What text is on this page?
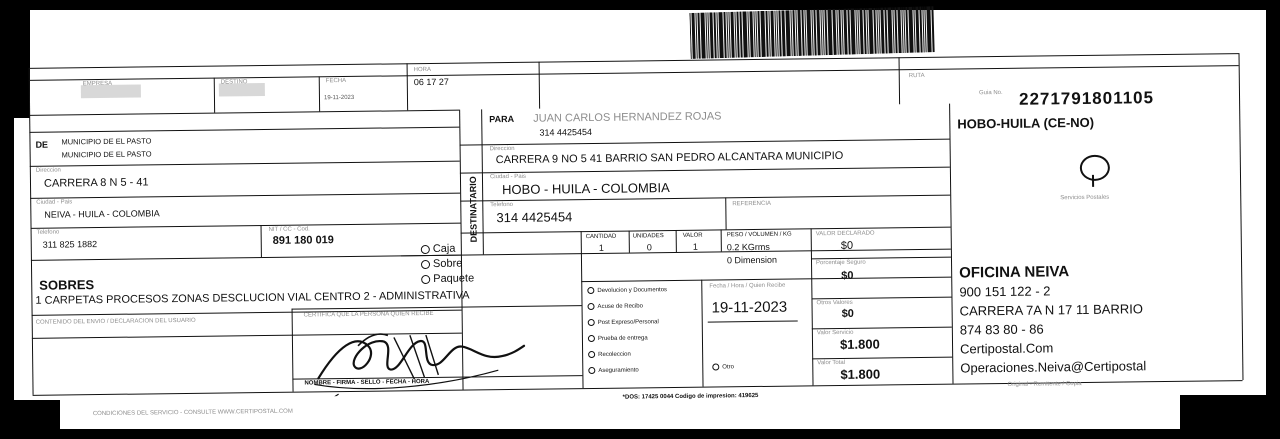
EMPRESA	DESTINO	FECHA
19-11-2023
HORA
06 17 27
RUTA
DE MUNICIPIO DE EL PASTO
MUNICIPIO DE EL PASTO
Direccion
CARRERA 8 N 5 - 41
Ciudad - Pais
NEIVA - HUILA - COLOMBIA
Telefono
311 825 1882
NIT / CC - Cod.
891 180 019	DESTINATARIO
PARA JUAN CARLOS HERNANDEZ ROJAS
314 4425454
Direccion
CARRERA 9 NO 5 41 BARRIO SAN PEDRO ALCANTARA MUNICIPIO
Ciudad - Pais
HOBO - HUILA - COLOMBIA
Telefono
314 4425454
REFERENCIA
CANTIDAD	UNIDADES	VALOR	PESO / VOLUMEN / KG
1	0	1	0.2 KGrms
0 Dimension
Caja
Sobre
Paquete
SOBRES
1 CARPETAS PROCESOS ZONAS DESCLUCION VIAL CENTRO 2 - ADMINISTRATIVA
CONTENIDO DEL ENVIO / DECLARACION DEL USUARIO
Devolucion y Documentos
Acuse de Recibo
Post Expreso/Personal
Prueba de entrega
Recoleccion
Aseguramiento
Fecha / Hora / Quien Recibe
19-11-2023
Otro
VALOR DECLARADO
$0
Porcentaje Seguro
$0
Otros Valores
$0
Valor Servicio
$1.800
Valor Total
$1.800
CERTIFICA QUE LA PERSONA QUIEN RECIBE
NOMBRE - FIRMA - SELLO - FECHA - HORA
*DOS: 17425 0044 Codigo de impresion: 419625
CONDICIONES DEL SERVICIO - CONSULTE WWW.CERTIPOSTAL.COM
Guia No. 2271791801105
HOBO-HUILA (CE-NO)
Servicios Postales
OFICINA NEIVA
900 151 122 - 2
CARRERA 7A N 17 11 BARRIO
874 83 80 - 86
Certipostal.Com
Operaciones.Neiva@Certipostal
Original - Remitente / Copia
